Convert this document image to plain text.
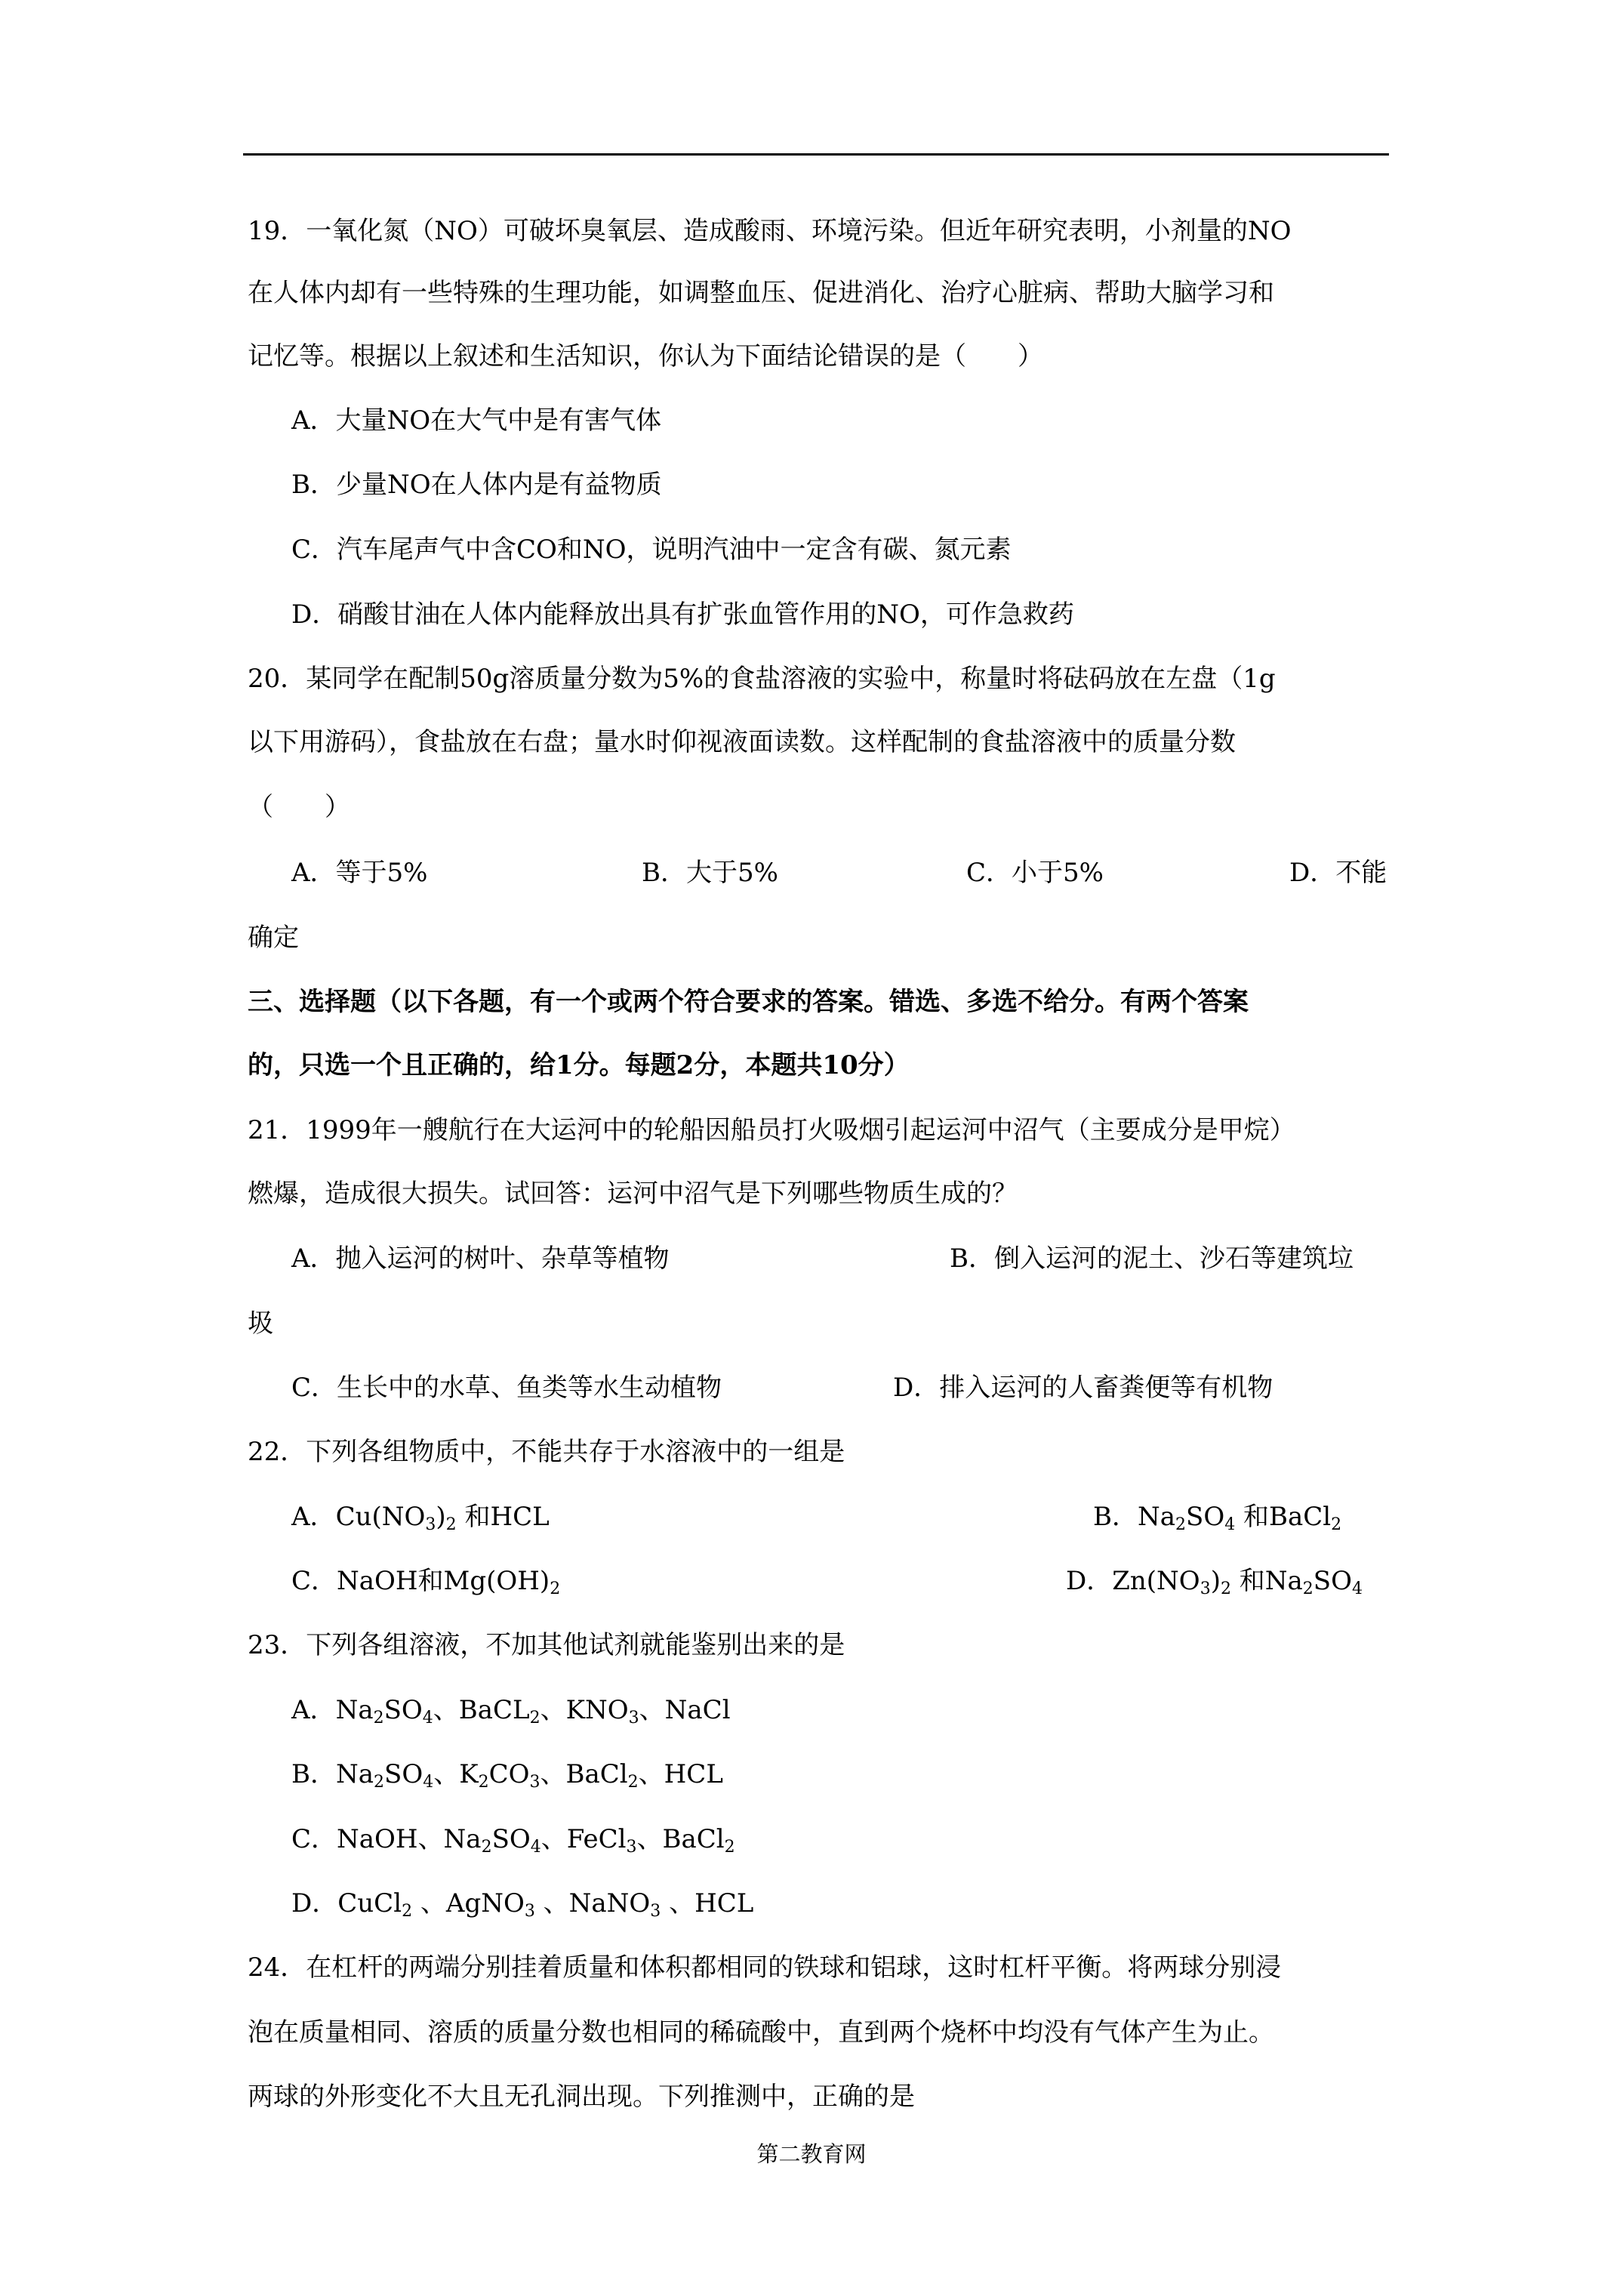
19．一氧化氮（NO）可破坏臭氧层、造成酸雨、环境污染。但近年研究表明，小剂量的NO
在人体内却有一些特殊的生理功能，如调整血压、促进消化、治疗心脏病、帮助大脑学习和
记忆等。根据以上叙述和生活知识，你认为下面结论错误的是（　　）
A．大量NO在大气中是有害气体
B．少量NO在人体内是有益物质
C．汽车尾声气中含CO和NO，说明汽油中一定含有碳、氮元素
D．硝酸甘油在人体内能释放出具有扩张血管作用的NO，可作急救药
20．某同学在配制50g溶质量分数为5%的食盐溶液的实验中，称量时将砝码放在左盘（1g
以下用游码），食盐放在右盘；量水时仰视液面读数。这样配制的食盐溶液中的质量分数
（　　）
A．等于5%	B．大于5%	C．小于5%	D．不能
确定
三、选择题（以下各题，有一个或两个符合要求的答案。错选、多选不给分。有两个答案
的，只选一个且正确的，给1分。每题2分，本题共10分）
21．1999年一艘航行在大运河中的轮船因船员打火吸烟引起运河中沼气（主要成分是甲烷）
燃爆，造成很大损失。试回答：运河中沼气是下列哪些物质生成的？
A．抛入运河的树叶、杂草等植物	B．倒入运河的泥土、沙石等建筑垃
圾
C．生长中的水草、鱼类等水生动植物	D．排入运河的人畜粪便等有机物
22．下列各组物质中，不能共存于水溶液中的一组是
A．$Cu(NO_3)_2$ 和HCL	B．$Na_2SO_4$ 和BaCl$_2$
C．NaOH和$Mg(OH)_2$	D．$Zn(NO_3)_2$ 和$Na_2SO_4$
23．下列各组溶液，不加其他试剂就能鉴别出来的是
A．$Na_2SO_4$、BaCL$_2$、$KNO_3$、NaCl
B．$Na_2SO_4$、$K_2CO_3$、BaCl$_2$、HCL
C．NaOH、$Na_2SO_4$、FeCl$_3$、BaCl$_2$
D．CuCl$_2$ 、AgNO$_3$ 、NaNO$_3$ 、HCL
24．在杠杆的两端分别挂着质量和体积都相同的铁球和铝球，这时杠杆平衡。将两球分别浸
泡在质量相同、溶质的质量分数也相同的稀硫酸中，直到两个烧杯中均没有气体产生为止。
两球的外形变化不大且无孔洞出现。下列推测中，正确的是
第二教育网
